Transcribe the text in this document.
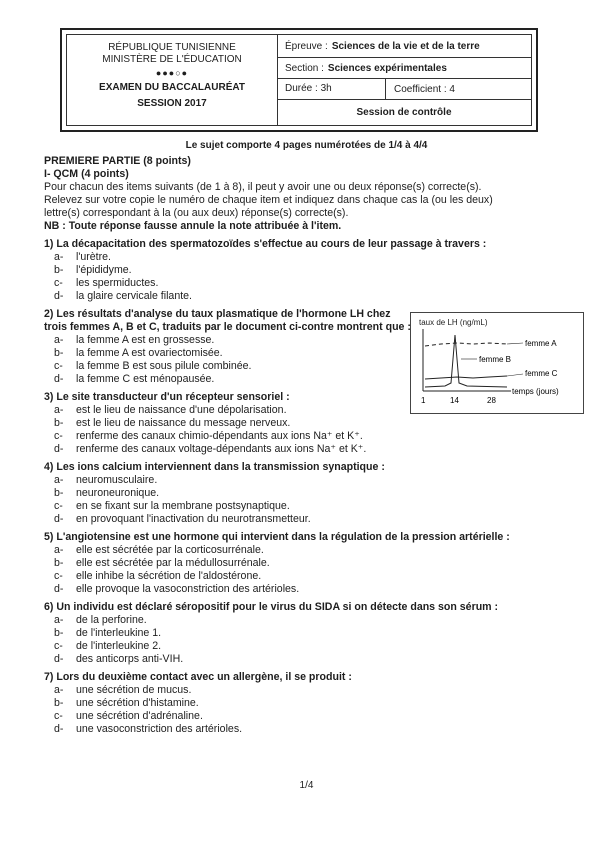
RÉPUBLIQUE TUNISIENNE
MINISTÈRE DE L'ÉDUCATION
●●●○●
EXAMEN DU BACCALAURÉAT
SESSION 2017
Épreuve : Sciences de la vie et de la terre
Section : Sciences expérimentales
Durée : 3h	Coefficient : 4
Session de contrôle
Le sujet comporte 4 pages numérotées de 1/4 à 4/4

PREMIERE PARTIE (8 points)

I- QCM (4 points)

Pour chacun des items suivants (de 1 à 8), il peut y avoir une ou deux réponse(s) correcte(s).

Relevez sur votre copie le numéro de chaque item et indiquez dans chaque cas la (ou les deux)

lettre(s) correspondant à la (ou aux deux) réponse(s) correcte(s).

NB : Toute réponse fausse annule la note attribuée à l'item.

1) La décapacitation des spermatozoïdes s'effectue au cours de leur passage à travers :

a-	l'urètre.
b-	l'épididyme.
c-	les spermiductes.
d-	la glaire cervicale filante.

2) Les résultats d'analyse du taux plasmatique de l'hormone LH chez trois femmes A, B et C, traduits par le document ci-contre montrent que :

a-	la femme A est en grossesse.
b-	la femme A est ovariectomisée.
c-	la femme B est sous pilule combinée.
d-	la femme C est ménopausée.

3) Le site transducteur d'un récepteur sensoriel :

a-	est le lieu de naissance d'une dépolarisation.
b-	est le lieu de naissance du message nerveux.
c-	renferme des canaux chimio-dépendants aux ions Na⁺ et K⁺.
d-	renferme des canaux voltage-dépendants aux ions Na⁺ et K⁺.

4) Les ions calcium interviennent dans la transmission synaptique :

a-	neuromusculaire.
b-	neuroneuronique.
c-	en se fixant sur la membrane postsynaptique.
d-	en provoquant l'inactivation du neurotransmetteur.

5) L'angiotensine est une hormone qui intervient dans la régulation de la pression artérielle :

a-	elle est sécrétée par la corticosurrénale.
b-	elle est sécrétée par la médullosurrénale.
c-	elle inhibe la sécrétion de l'aldostérone.
d-	elle provoque la vasoconstriction des artérioles.

6) Un individu est déclaré séropositif pour le virus du SIDA si on détecte dans son sérum :

a-	de la perforine.
b-	de l'interleukine 1.
c-	de l'interleukine 2.
d-	des anticorps anti-VIH.

7) Lors du deuxième contact avec un allergène, il se produit :

a-	une sécrétion de mucus.
b-	une sécrétion d'histamine.
c-	une sécrétion d'adrénaline.
d-	une vasoconstriction des artérioles.
taux de LH (ng/mL)
femme A
femme B
femme C
temps (jours)
1	14	28
1/4
